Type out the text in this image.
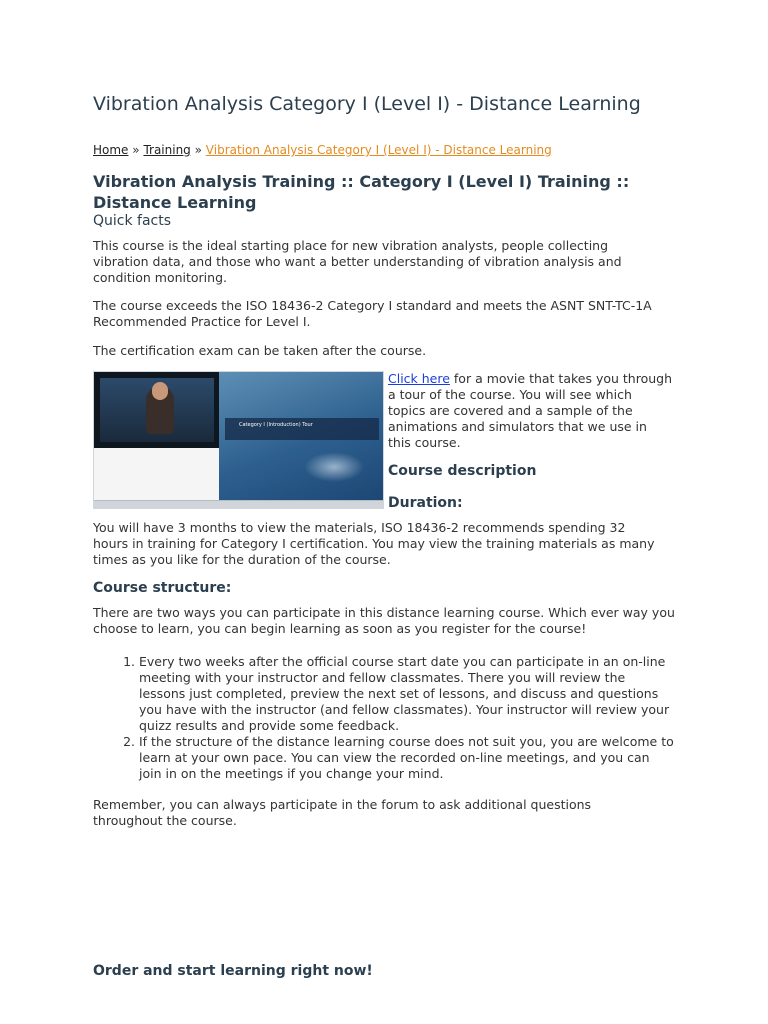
Vibration Analysis Category I (Level I) - Distance Learning
Home » Training » Vibration Analysis Category I (Level I) - Distance Learning
Vibration Analysis Training :: Category I (Level I) Training :: Distance Learning
Quick facts

This course is the ideal starting place for new vibration analysts, people collecting vibration data, and those who want a better understanding of vibration analysis and condition monitoring.

The course exceeds the ISO 18436-2 Category I standard and meets the ASNT SNT-TC-1A Recommended Practice for Level I.

The certification exam can be taken after the course.

Category I (Introduction) Tour
Click here for a movie that takes you through a tour of the course. You will see which topics are covered and a sample of the animations and simulators that we use in this course.
Course description
Duration:

You will have 3 months to view the materials, ISO 18436-2 recommends spending 32 hours in training for Category I certification. You may view the training materials as many times as you like for the duration of the course.

Course structure:

There are two ways you can participate in this distance learning course. Which ever way you choose to learn, you can begin learning as soon as you register for the course!

1. Every two weeks after the official course start date you can participate in an on-line meeting with your instructor and fellow classmates. There you will review the lessons just completed, preview the next set of lessons, and discuss and questions you have with the instructor (and fellow classmates). Your instructor will review your quizz results and provide some feedback.
2. If the structure of the distance learning course does not suit you, you are welcome to learn at your own pace. You can view the recorded on-line meetings, and you can join in on the meetings if you change your mind.

Remember, you can always participate in the forum to ask additional questions throughout the course.

Order and start learning right now!
